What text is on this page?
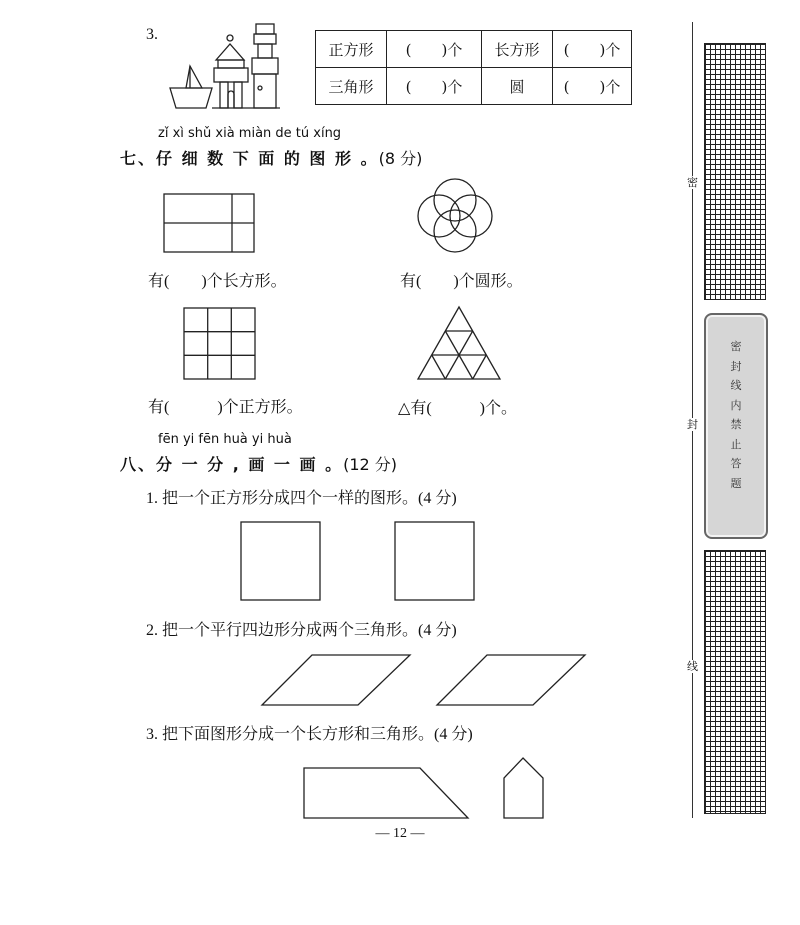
3.
正方形	(　　)个	长方形	(　　)个
三角形	(　　)个	圆	(　　)个
zǐ xì shǔ xià miàn de tú xíng
七、仔 细 数 下 面 的 图 形 。(8 分)
有(　　)个长方形。	有(　　)个圆形。
有(　　　)个正方形。	△有(　　　)个。
fēn yi fēn huà yi huà
八、分 一 分 , 画 一 画 。(12 分)
1. 把一个正方形分成四个一样的图形。(4 分)
2. 把一个平行四边形分成两个三角形。(4 分)
3. 把下面图形分成一个长方形和三角形。(4 分)
— 12 —
密
封
线
密
封
线
内
禁
止
答
题
